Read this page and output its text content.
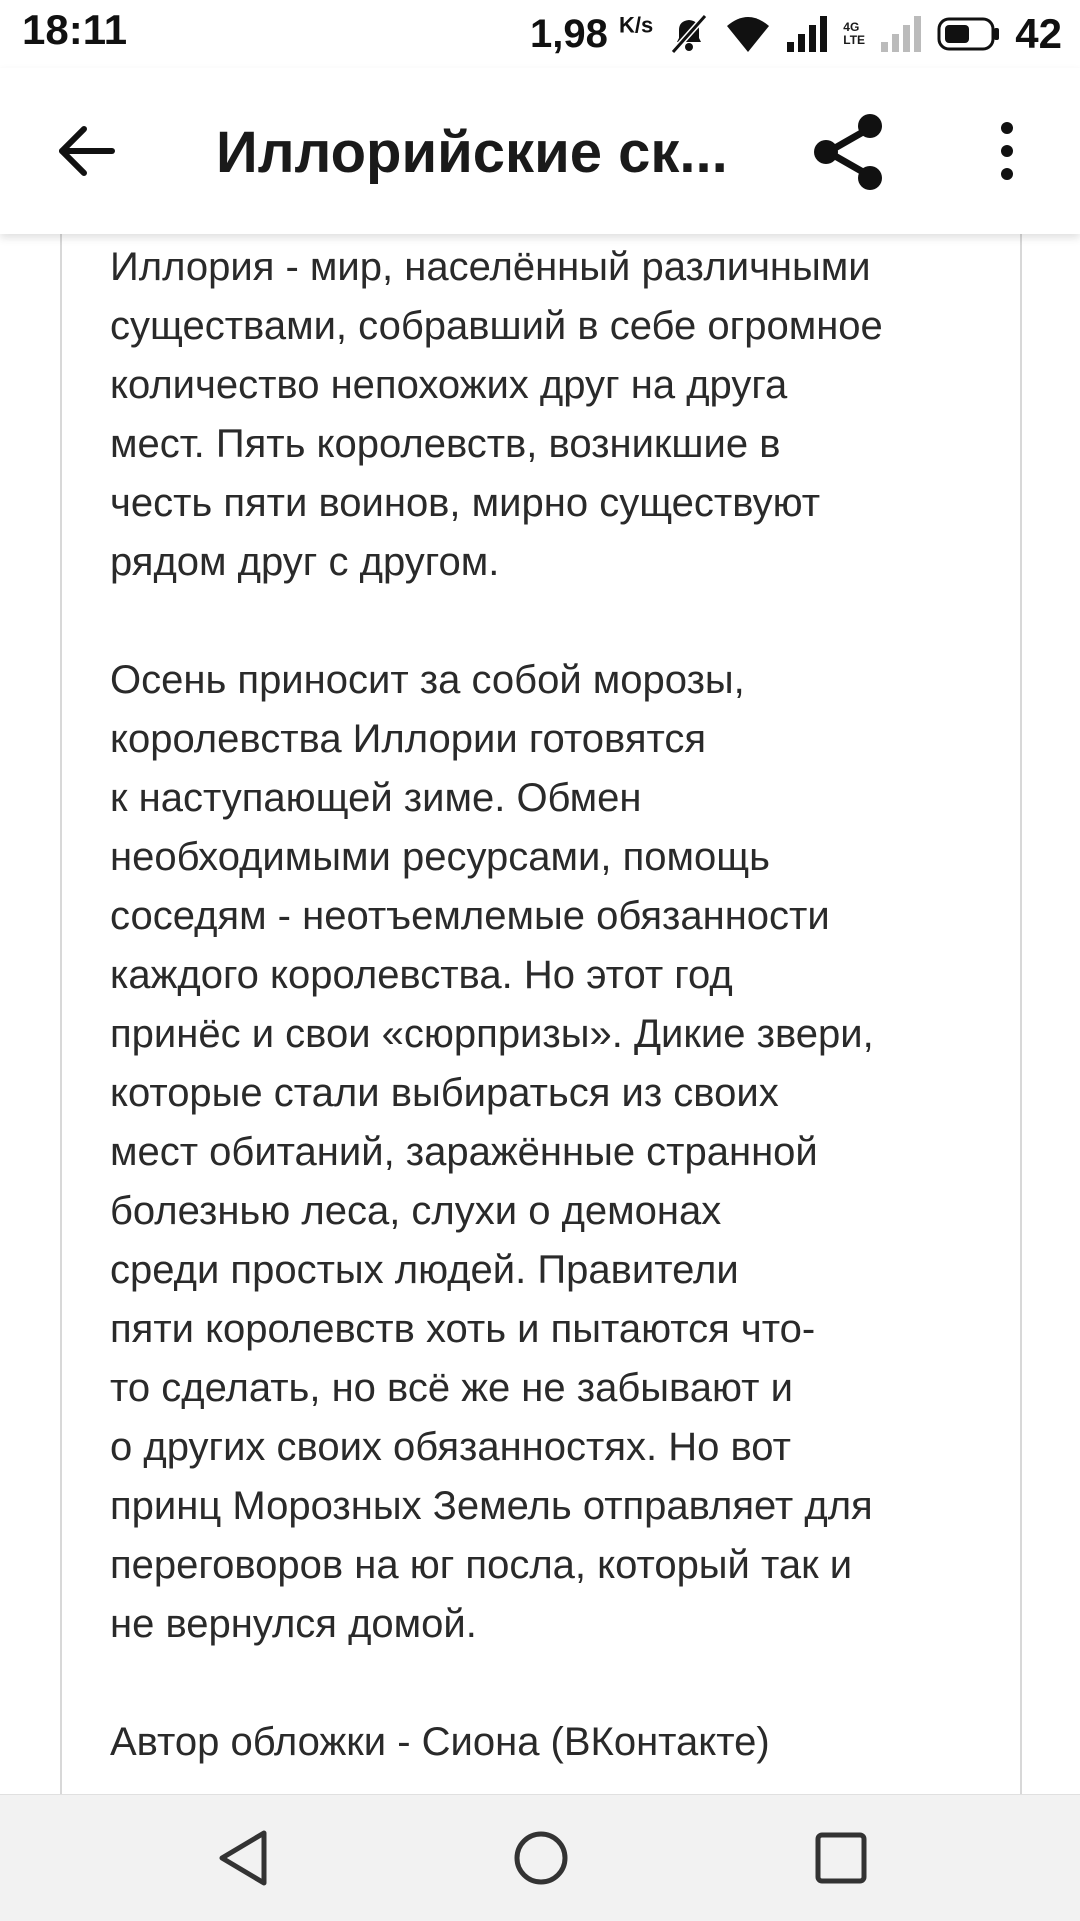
18:11	1,98 $^{K/s}$	4G LTE	42
Иллорийские ск...

Иллория - мир, населённый различными
существами, собравший в себе огромное
количество непохожих друг на друга
мест. Пять королевств, возникшие в
честь пяти воинов, мирно существуют
рядом друг с другом.

Осень приносит за собой морозы,
королевства Иллории готовятся
к наступающей зиме. Обмен
необходимыми ресурсами, помощь
соседям - неотъемлемые обязанности
каждого королевства. Но этот год
принёс и свои «сюрпризы». Дикие звери,
которые стали выбираться из своих
мест обитаний, заражённые странной
болезнью леса, слухи о демонах
среди простых людей. Правители
пяти королевств хоть и пытаются что-
то сделать, но всё же не забывают и
о других своих обязанностях. Но вот
принц Морозных Земель отправляет для
переговоров на юг посла, который так и
не вернулся домой.

Автор обложки - Сиона (ВКонтакте)
